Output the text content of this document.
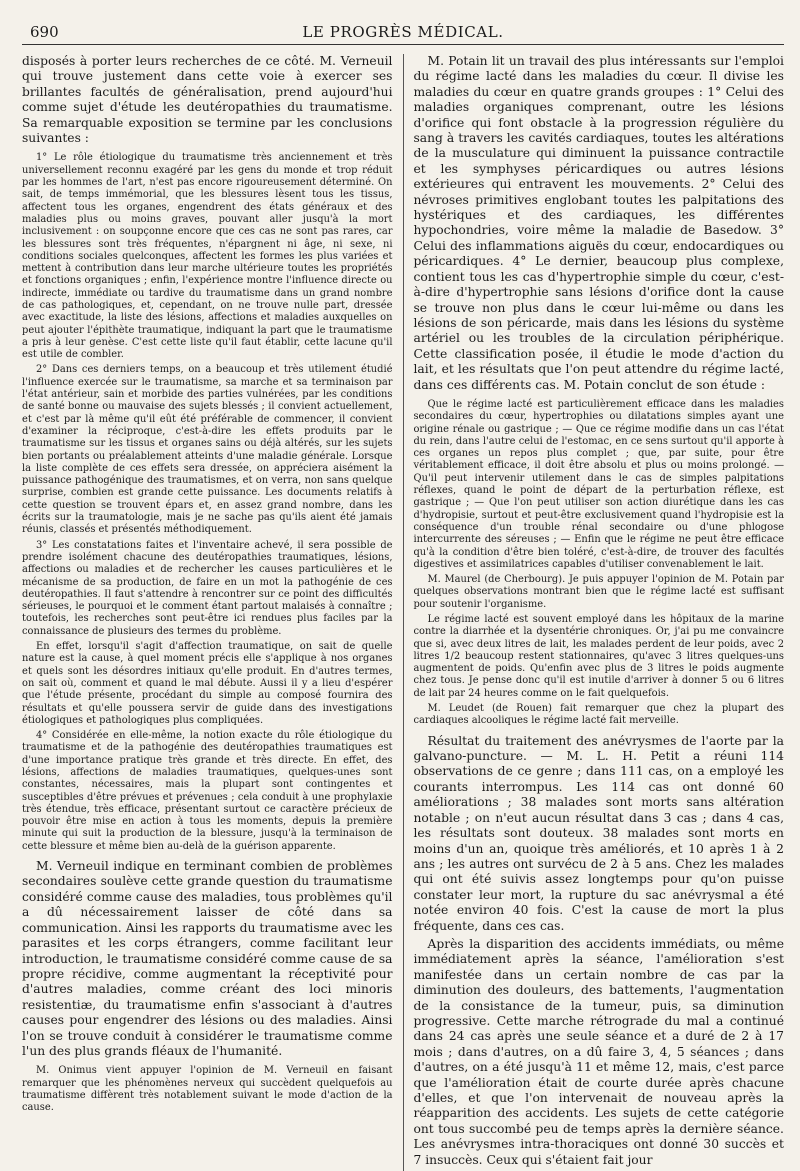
690	LE PROGRÈS MÉDICAL.

disposés à porter leurs recherches de ce côté. M. Verneuil qui trouve justement dans cette voie à exercer ses brillantes facultés de généralisation, prend aujourd'hui comme sujet d'étude les deutéropathies du traumatisme. Sa remarquable exposition se termine par les conclusions suivantes :

1° Le rôle étiologique du traumatisme très anciennement et très universellement reconnu exagéré par les gens du monde et trop réduit par les hommes de l'art, n'est pas encore rigoureusement déterminé. On sait, de temps immémorial, que les blessures lèsent tous les tissus, affectent tous les organes, engendrent des états généraux et des maladies plus ou moins graves, pouvant aller jusqu'à la mort inclusivement : on soupçonne encore que ces cas ne sont pas rares, car les blessures sont très fréquentes, n'épargnent ni âge, ni sexe, ni conditions sociales quelconques, affectent les formes les plus variées et mettent à contribution dans leur marche ultérieure toutes les propriétés et fonctions organiques ; enfin, l'expérience montre l'influence directe ou indirecte, immédiate ou tardive du traumatisme dans un grand nombre de cas pathologiques, et, cependant, on ne trouve nulle part, dressée avec exactitude, la liste des lésions, affections et maladies auxquelles on peut ajouter l'épithète traumatique, indiquant la part que le traumatisme a pris à leur genèse. C'est cette liste qu'il faut établir, cette lacune qu'il est utile de combler.

2° Dans ces derniers temps, on a beaucoup et très utilement étudié l'influence exercée sur le traumatisme, sa marche et sa terminaison par l'état antérieur, sain et morbide des parties vulnérées, par les conditions de santé bonne ou mauvaise des sujets blessés ; il convient actuellement, et c'est par là même qu'il eût été préférable de commencer, il convient d'examiner la réciproque, c'est-à-dire les effets produits par le traumatisme sur les tissus et organes sains ou déjà altérés, sur les sujets bien portants ou préalablement atteints d'une maladie générale. Lorsque la liste complète de ces effets sera dressée, on appréciera aisément la puissance pathogénique des traumatismes, et on verra, non sans quelque surprise, combien est grande cette puissance. Les documents relatifs à cette question se trouvent épars et, en assez grand nombre, dans les écrits sur la traumatologie, mais je ne sache pas qu'ils aient été jamais réunis, classés et présentés méthodiquement.

3° Les constatations faites et l'inventaire achevé, il sera possible de prendre isolément chacune des deutéropathies traumatiques, lésions, affections ou maladies et de rechercher les causes particulières et le mécanisme de sa production, de faire en un mot la pathogénie de ces deutéropathies. Il faut s'attendre à rencontrer sur ce point des difficultés sérieuses, le pourquoi et le comment étant partout malaisés à connaître ; toutefois, les recherches sont peut-être ici rendues plus faciles par la connaissance de plusieurs des termes du problème.

En effet, lorsqu'il s'agit d'affection traumatique, on sait de quelle nature est la cause, à quel moment précis elle s'applique à nos organes et quels sont les désordres initiaux qu'elle produit. En d'autres termes, on sait où, comment et quand le mal débute. Aussi il y a lieu d'espérer que l'étude présente, procédant du simple au composé fournira des résultats et qu'elle poussera servir de guide dans des investigations étiologiques et pathologiques plus compliquées.

4° Considérée en elle-même, la notion exacte du rôle étiologique du traumatisme et de la pathogénie des deutéropathies traumatiques est d'une importance pratique très grande et très directe. En effet, des lésions, affections de maladies traumatiques, quelques-unes sont constantes, nécessaires, mais la plupart sont contingentes et susceptibles d'être prévues et prévenues ; cela conduit à une prophylaxie très étendue, très efficace, présentant surtout ce caractère précieux de pouvoir être mise en action à tous les moments, depuis la première minute qui suit la production de la blessure, jusqu'à la terminaison de cette blessure et même bien au-delà de la guérison apparente.

M. Verneuil indique en terminant combien de problèmes secondaires soulève cette grande question du traumatisme considéré comme cause des maladies, tous problèmes qu'il a dû nécessairement laisser de côté dans sa communication. Ainsi les rapports du traumatisme avec les parasites et les corps étrangers, comme facilitant leur introduction, le traumatisme considéré comme cause de sa propre récidive, comme augmentant la réceptivité pour d'autres maladies, comme créant des loci minoris resistentiæ, du traumatisme enfin s'associant à d'autres causes pour engendrer des lésions ou des maladies. Ainsi l'on se trouve conduit à considérer le traumatisme comme l'un des plus grands fléaux de l'humanité.

M. Onimus vient appuyer l'opinion de M. Verneuil en faisant remarquer que les phénomènes nerveux qui succèdent quelquefois au traumatisme diffèrent très notablement suivant le mode d'action de la cause.

M. Potain lit un travail des plus intéressants sur l'emploi du régime lacté dans les maladies du cœur. Il divise les maladies du cœur en quatre grands groupes : 1° Celui des maladies organiques comprenant, outre les lésions d'orifice qui font obstacle à la progression régulière du sang à travers les cavités cardiaques, toutes les altérations de la musculature qui diminuent la puissance contractile et les symphyses péricardiques ou autres lésions extérieures qui entravent les mouvements. 2° Celui des névroses primitives englobant toutes les palpitations des hystériques et des cardiaques, les différentes hypochondries, voire même la maladie de Basedow. 3° Celui des inflammations aiguës du cœur, endocardiques ou péricardiques. 4° Le dernier, beaucoup plus complexe, contient tous les cas d'hypertrophie simple du cœur, c'est-à-dire d'hypertrophie sans lésions d'orifice dont la cause se trouve non plus dans le cœur lui-même ou dans les lésions de son péricarde, mais dans les lésions du système artériel ou les troubles de la circulation périphérique. Cette classification posée, il étudie le mode d'action du lait, et les résultats que l'on peut attendre du régime lacté, dans ces différents cas. M. Potain conclut de son étude :

Que le régime lacté est particulièrement efficace dans les maladies secondaires du cœur, hypertrophies ou dilatations simples ayant une origine rénale ou gastrique ; — Que ce régime modifie dans un cas l'état du rein, dans l'autre celui de l'estomac, en ce sens surtout qu'il apporte à ces organes un repos plus complet ; que, par suite, pour être véritablement efficace, il doit être absolu et plus ou moins prolongé. — Qu'il peut intervenir utilement dans le cas de simples palpitations réflexes, quand le point de départ de la perturbation réflexe, est gastrique ; — Que l'on peut utiliser son action diurétique dans les cas d'hydropisie, surtout et peut-être exclusivement quand l'hydropisie est la conséquence d'un trouble rénal secondaire ou d'une phlogose intercurrente des séreuses ; — Enfin que le régime ne peut être efficace qu'à la condition d'être bien toléré, c'est-à-dire, de trouver des facultés digestives et assimilatrices capables d'utiliser convenablement le lait.

M. Maurel (de Cherbourg). Je puis appuyer l'opinion de M. Potain par quelques observations montrant bien que le régime lacté est suffisant pour soutenir l'organisme.

Le régime lacté est souvent employé dans les hôpitaux de la marine contre la diarrhée et la dysentérie chroniques. Or, j'ai pu me convaincre que si, avec deux litres de lait, les malades perdent de leur poids, avec 2 litres 1/2 beaucoup restent stationnaires, qu'avec 3 litres quelques-uns augmentent de poids. Qu'enfin avec plus de 3 litres le poids augmente chez tous. Je pense donc qu'il est inutile d'arriver à donner 5 ou 6 litres de lait par 24 heures comme on le fait quelquefois.

M. Leudet (de Rouen) fait remarquer que chez la plupart des cardiaques alcooliques le régime lacté fait merveille.

Résultat du traitement des anévrysmes de l'aorte par la galvano-puncture. — M. L. H. Petit a réuni 114 observations de ce genre ; dans 111 cas, on a employé les courants interrompus. Les 114 cas ont donné 60 améliorations ; 38 malades sont morts sans altération notable ; on n'eut aucun résultat dans 3 cas ; dans 4 cas, les résultats sont douteux. 38 malades sont morts en moins d'un an, quoique très améliorés, et 10 après 1 à 2 ans ; les autres ont survécu de 2 à 5 ans. Chez les malades qui ont été suivis assez longtemps pour qu'on puisse constater leur mort, la rupture du sac anévrysmal a été notée environ 40 fois. C'est la cause de mort la plus fréquente, dans ces cas.

Après la disparition des accidents immédiats, ou même immédiatement après la séance, l'amélioration s'est manifestée dans un certain nombre de cas par la diminution des douleurs, des battements, l'augmentation de la consistance de la tumeur, puis, sa diminution progressive. Cette marche rétrograde du mal a continué dans 24 cas après une seule séance et a duré de 2 à 17 mois ; dans d'autres, on a dû faire 3, 4, 5 séances ; dans d'autres, on a été jusqu'à 11 et même 12, mais, c'est parce que l'amélioration était de courte durée après chacune d'elles, et que l'on intervenait de nouveau après la réapparition des accidents. Les sujets de cette catégorie ont tous succombé peu de temps après la dernière séance. Les anévrysmes intra-thoraciques ont donné 30 succès et 7 insuccès. Ceux qui s'étaient fait jour
